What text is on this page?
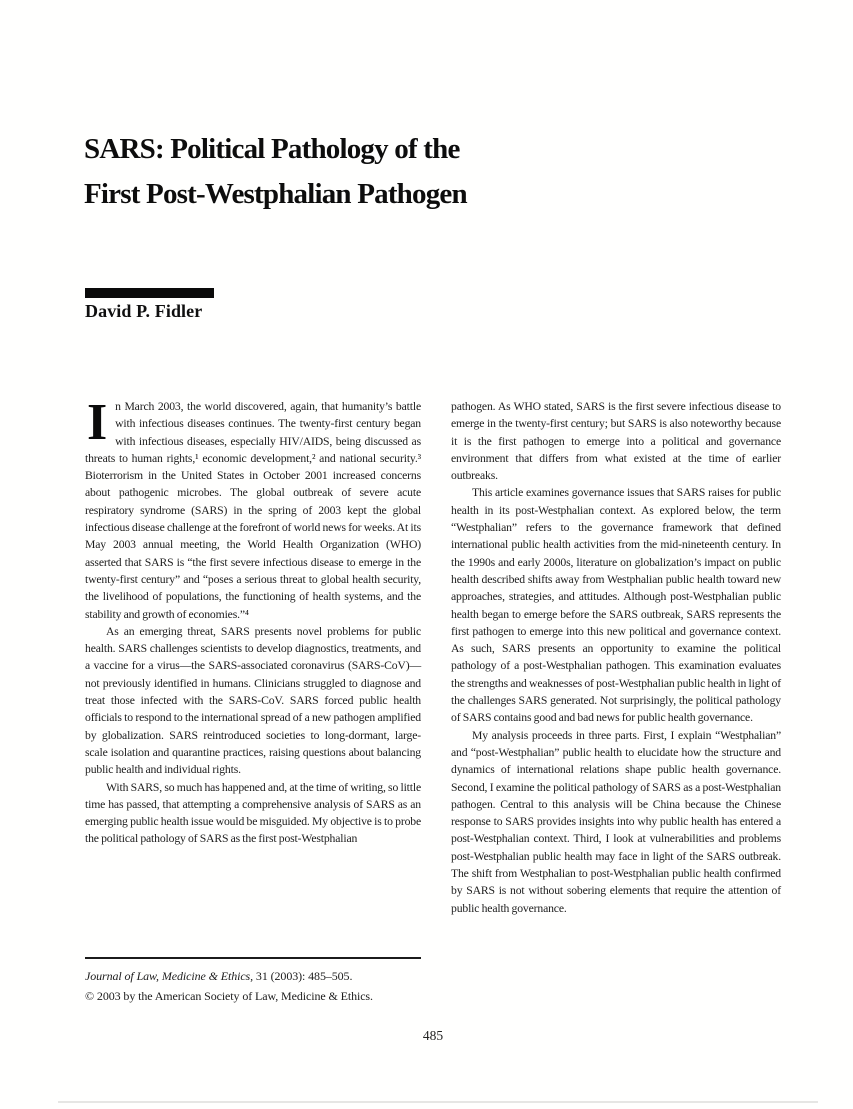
SARS: Political Pathology of the
First Post-Westphalian Pathogen
David P. Fidler

In March 2003, the world discovered, again, that humanity’s battle with infectious diseases continues. The twenty-first century began with infectious diseases, especially HIV/AIDS, being discussed as threats to human rights,¹ economic development,² and national security.³ Bioterrorism in the United States in October 2001 increased concerns about pathogenic microbes. The global outbreak of severe acute respiratory syndrome (SARS) in the spring of 2003 kept the global infectious disease challenge at the forefront of world news for weeks. At its May 2003 annual meeting, the World Health Organization (WHO) asserted that SARS is “the first severe infectious disease to emerge in the twenty-first century” and “poses a serious threat to global health security, the livelihood of populations, the functioning of health systems, and the stability and growth of economies.”⁴

As an emerging threat, SARS presents novel problems for public health. SARS challenges scientists to develop diagnostics, treatments, and a vaccine for a virus—the SARS-associated coronavirus (SARS-CoV)—not previously identified in humans. Clinicians struggled to diagnose and treat those infected with the SARS-CoV. SARS forced public health officials to respond to the international spread of a new pathogen amplified by globalization. SARS reintroduced societies to long-dormant, large-scale isolation and quarantine practices, raising questions about balancing public health and individual rights.

With SARS, so much has happened and, at the time of writing, so little time has passed, that attempting a comprehensive analysis of SARS as an emerging public health issue would be misguided. My objective is to probe the political pathology of SARS as the first post-Westphalian

Journal of Law, Medicine & Ethics, 31 (2003): 485–505.

© 2003 by the American Society of Law, Medicine & Ethics.

pathogen. As WHO stated, SARS is the first severe infectious disease to emerge in the twenty-first century; but SARS is also noteworthy because it is the first pathogen to emerge into a political and governance environment that differs from what existed at the time of earlier outbreaks.

This article examines governance issues that SARS raises for public health in its post-Westphalian context. As explored below, the term “Westphalian” refers to the governance framework that defined international public health activities from the mid-nineteenth century. In the 1990s and early 2000s, literature on globalization’s impact on public health described shifts away from Westphalian public health toward new approaches, strategies, and attitudes. Although post-Westphalian public health began to emerge before the SARS outbreak, SARS represents the first pathogen to emerge into this new political and governance context. As such, SARS presents an opportunity to examine the political pathology of a post-Westphalian pathogen. This examination evaluates the strengths and weaknesses of post-Westphalian public health in light of the challenges SARS generated. Not surprisingly, the political pathology of SARS contains good and bad news for public health governance.

My analysis proceeds in three parts. First, I explain “Westphalian” and “post-Westphalian” public health to elucidate how the structure and dynamics of international relations shape public health governance. Second, I examine the political pathology of SARS as a post-Westphalian pathogen. Central to this analysis will be China because the Chinese response to SARS provides insights into why public health has entered a post-Westphalian context. Third, I look at vulnerabilities and problems post-Westphalian public health may face in light of the SARS outbreak. The shift from Westphalian to post-Westphalian public health confirmed by SARS is not without sobering elements that require the attention of public health governance.

485
